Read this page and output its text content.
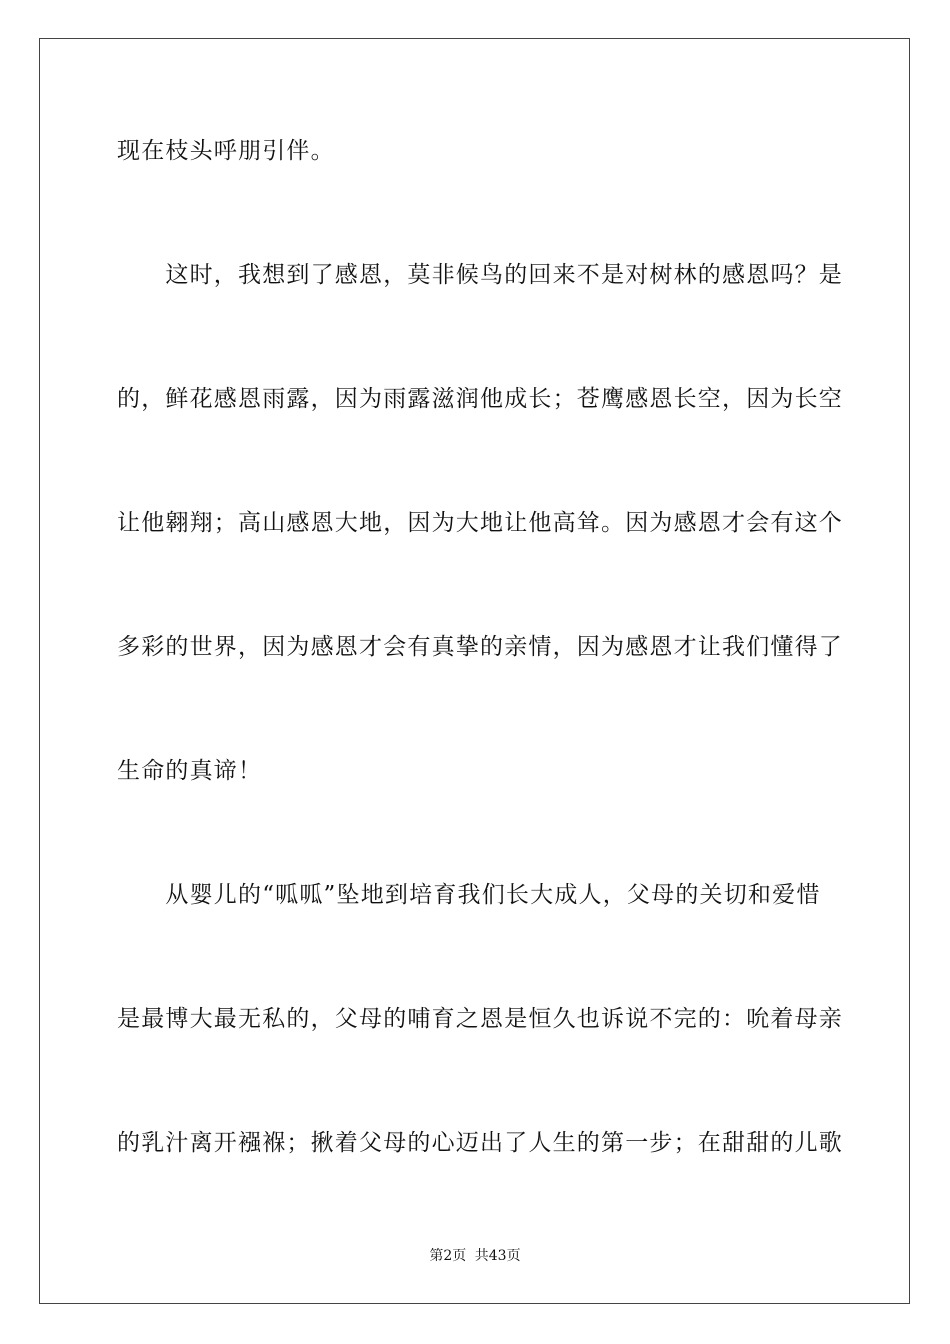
现在枝头呼朋引伴。
　　这时，我想到了感恩，莫非候鸟的回来不是对树林的感恩吗？是
的，鲜花感恩雨露，因为雨露滋润他成长；苍鹰感恩长空，因为长空
让他翱翔；高山感恩大地，因为大地让他高耸。因为感恩才会有这个
多彩的世界，因为感恩才会有真挚的亲情，因为感恩才让我们懂得了
生命的真谛！
　　从婴儿的“呱呱”坠地到培育我们长大成人，父母的关切和爱惜
是最博大最无私的，父母的哺育之恩是恒久也诉说不完的：吮着母亲
的乳汁离开襁褓；揪着父母的心迈出了人生的第一步；在甜甜的儿歌
第2页 共43页
